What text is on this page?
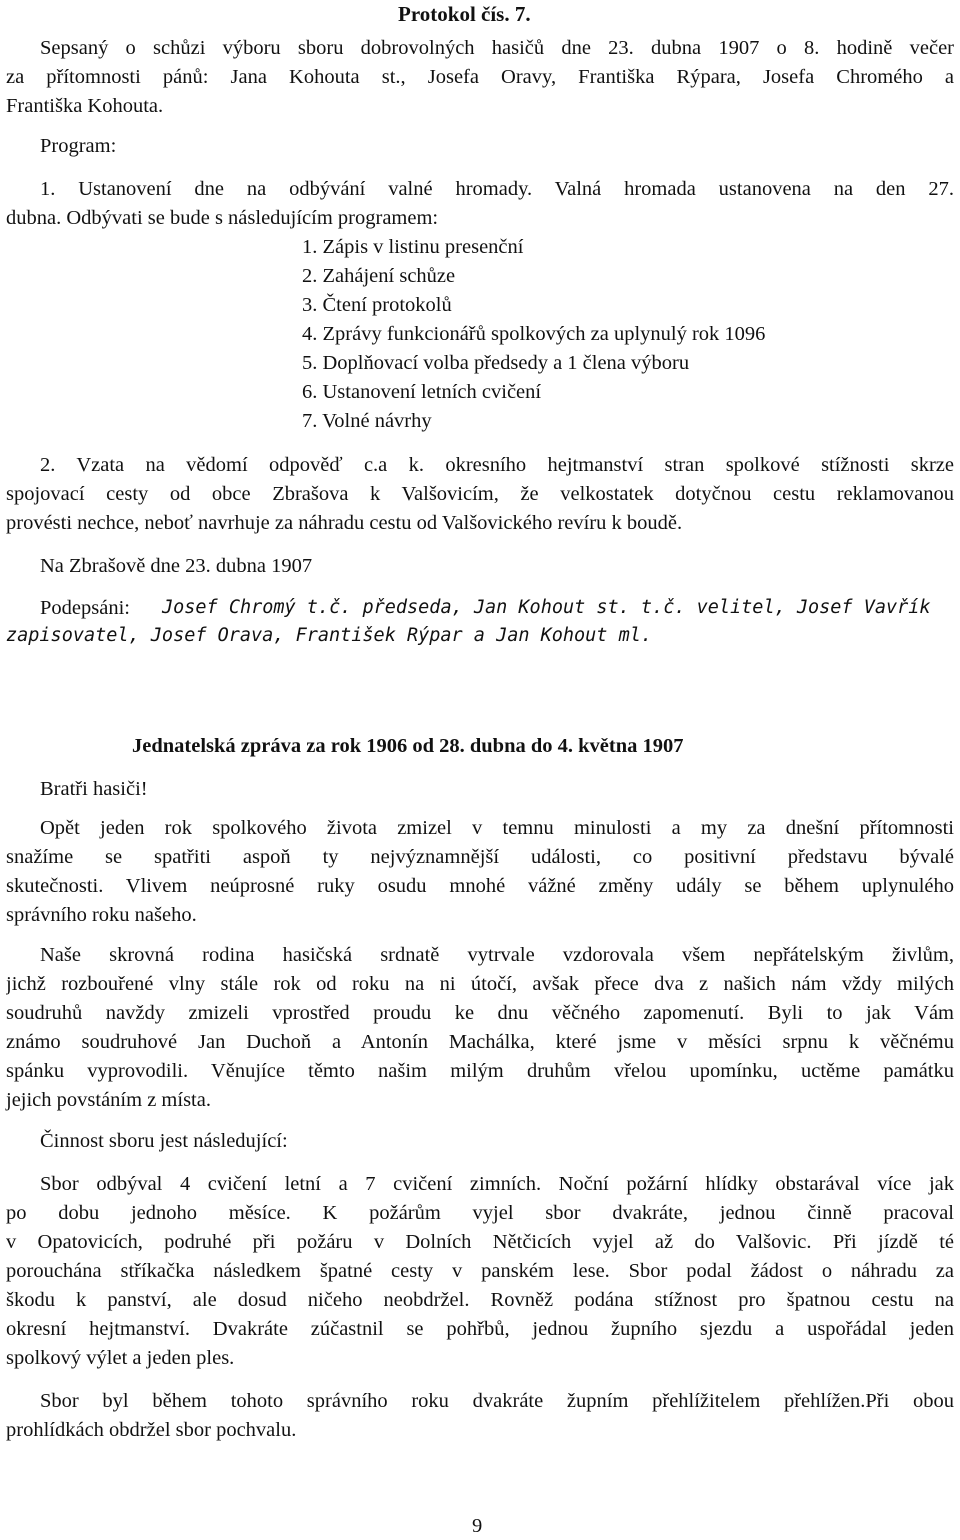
Protokol čís. 7.
Sepsaný o schůzi výboru sboru dobrovolných hasičů dne 23. dubna 1907 o 8. hodině večer
za přítomnosti pánů: Jana Kohouta st., Josefa Oravy, Františka Rýpara, Josefa Chromého a
Františka Kohouta.
Program:
1. Ustanovení dne na odbývání valné hromady. Valná hromada ustanovena na den 27.
dubna. Odbývati se bude s následujícím programem:
1. Zápis v listinu presenční
2. Zahájení schůze
3. Čtení protokolů
4. Zprávy funkcionářů spolkových za uplynulý rok 1096
5. Doplňovací volba předsedy a 1 člena výboru
6. Ustanovení letních cvičení
7. Volné návrhy
2. Vzata na vědomí odpověď c.a k. okresního hejtmanství stran spolkové stížnosti skrze
spojovací cesty od obce Zbrašova k Valšovicím, že velkostatek dotyčnou cestu reklamovanou
provésti nechce, neboť navrhuje za náhradu cestu od Valšovického revíru k boudě.
Na Zbrašově dne 23. dubna 1907
Podepsáni: Josef Chromý t.č. předseda, Jan Kohout st. t.č. velitel, Josef Vavřík
zapisovatel, Josef Orava, František Rýpar a Jan Kohout ml.
Jednatelská zpráva za rok 1906 od 28. dubna do 4. května 1907
Bratři hasiči!
Opět jeden rok spolkového života zmizel v temnu minulosti a my za dnešní přítomnosti
snažíme se spatřiti aspoň ty nejvýznamnější události, co positivní představu bývalé
skutečnosti. Vlivem neúprosné ruky osudu mnohé vážné změny udály se během uplynulého
správního roku našeho.
Naše skrovná rodina hasičská srdnatě vytrvale vzdorovala všem nepřátelským živlům,
jichž rozbouřené vlny stále rok od roku na ni útočí, avšak přece dva z našich nám vždy milých
soudruhů navždy zmizeli vprostřed proudu ke dnu věčného zapomenutí. Byli to jak Vám
známo soudruhové Jan Duchoň a Antonín Machálka, které jsme v měsíci srpnu k věčnému
spánku vyprovodili. Věnujíce těmto našim milým druhům vřelou upomínku, uctěme památku
jejich povstáním z místa.
Činnost sboru jest následující:
Sbor odbýval 4 cvičení letní a 7 cvičení zimních. Noční požární hlídky obstarával více jak
po dobu jednoho měsíce. K požárům vyjel sbor dvakráte, jednou činně pracoval
v Opatovicích, podruhé při požáru v Dolních Nětčicích vyjel až do Valšovic. Při jízdě té
porouchána stříkačka následkem špatné cesty v panském lese. Sbor podal žádost o náhradu za
škodu k panství, ale dosud ničeho neobdržel. Rovněž podána stížnost pro špatnou cestu na
okresní hejtmanství. Dvakráte zúčastnil se pohřbů, jednou župního sjezdu a uspořádal jeden
spolkový výlet a jeden ples.
Sbor byl během tohoto správního roku dvakráte župním přehlížitelem přehlížen.Při obou
prohlídkách obdržel sbor pochvalu.
9
